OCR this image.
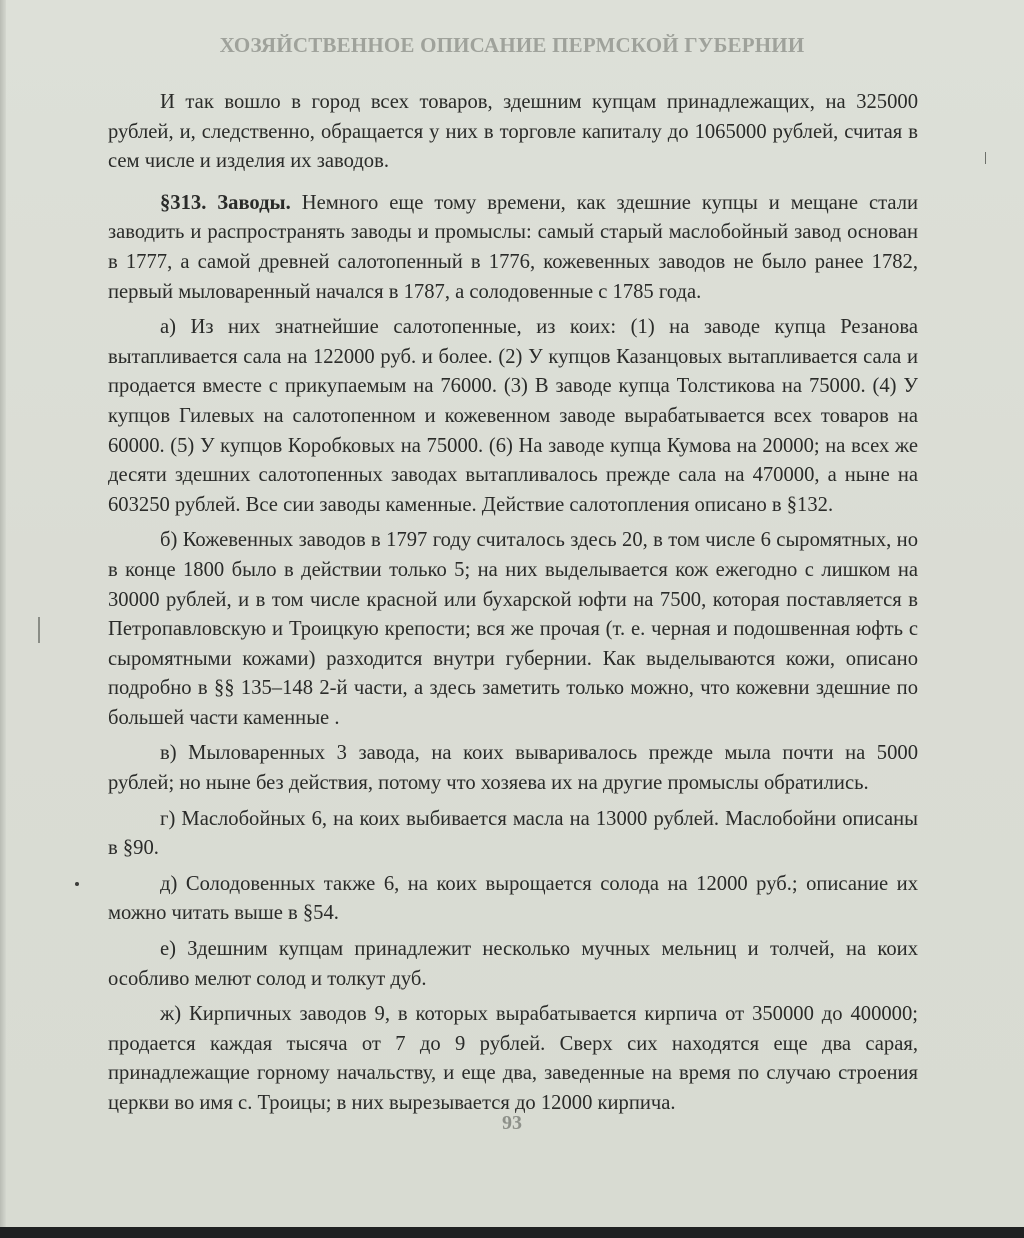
ХОЗЯЙСТВЕННОЕ ОПИСАНИЕ ПЕРМСКОЙ ГУБЕРНИИ

И так вошло в город всех товаров, здешним купцам принадлежащих, на 325000 рублей, и, следственно, обращается у них в торговле капиталу до 1065000 рублей, считая в сем числе и изделия их заводов.

§313. Заводы. Немного еще тому времени, как здешние купцы и мещане стали заводить и распространять заводы и промыслы: самый старый маслобойный завод основан в 1777, а самой древней салотопенный в 1776, кожевенных заводов не было ранее 1782, первый мыловаренный начался в 1787, а солодовенные с 1785 года.

а) Из них знатнейшие салотопенные, из коих: (1) на заводе купца Резанова вытапливается сала на 122000 руб. и более. (2) У купцов Казанцовых вытапливается сала и продается вместе с прикупаемым на 76000. (3) В заводе купца Толстикова на 75000. (4) У купцов Гилевых на салотопенном и кожевенном заводе вырабатывается всех товаров на 60000. (5) У купцов Коробковых на 75000. (6) На заводе купца Кумова на 20000; на всех же десяти здешних салотопенных заводах вытапливалось прежде сала на 470000, а ныне на 603250 рублей. Все сии заводы каменные. Действие салотопления описано в §132.

б) Кожевенных заводов в 1797 году считалось здесь 20, в том числе 6 сыромятных, но в конце 1800 было в действии только 5; на них выделывается кож ежегодно с лишком на 30000 рублей, и в том числе красной или бухарской юфти на 7500, которая поставляется в Петропавловскую и Троицкую крепости; вся же прочая (т. е. черная и подошвенная юфть с сыромятными кожами) разходится внутри губернии. Как выделываются кожи, описано подробно в §§ 135–148 2-й части, а здесь заметить только можно, что кожевни здешние по большей части каменные .

в) Мыловаренных 3 завода, на коих вываривалось прежде мыла почти на 5000 рублей; но ныне без действия, потому что хозяева их на другие промыслы обратились.

г) Маслобойных 6, на коих выбивается масла на 13000 рублей. Маслобойни описаны в §90.

д) Солодовенных также 6, на коих вырощается солода на 12000 руб.; описание их можно читать выше в §54.

е) Здешним купцам принадлежит несколько мучных мельниц и толчей, на коих особливо мелют солод и толкут дуб.

ж) Кирпичных заводов 9, в которых вырабатывается кирпича от 350000 до 400000; продается каждая тысяча от 7 до 9 рублей. Сверх сих находятся еще два сарая, принадлежащие горному начальству, и еще два, заведенные на время по случаю строения церкви во имя с. Троицы; в них вырезывается до 12000 кирпича.

93
